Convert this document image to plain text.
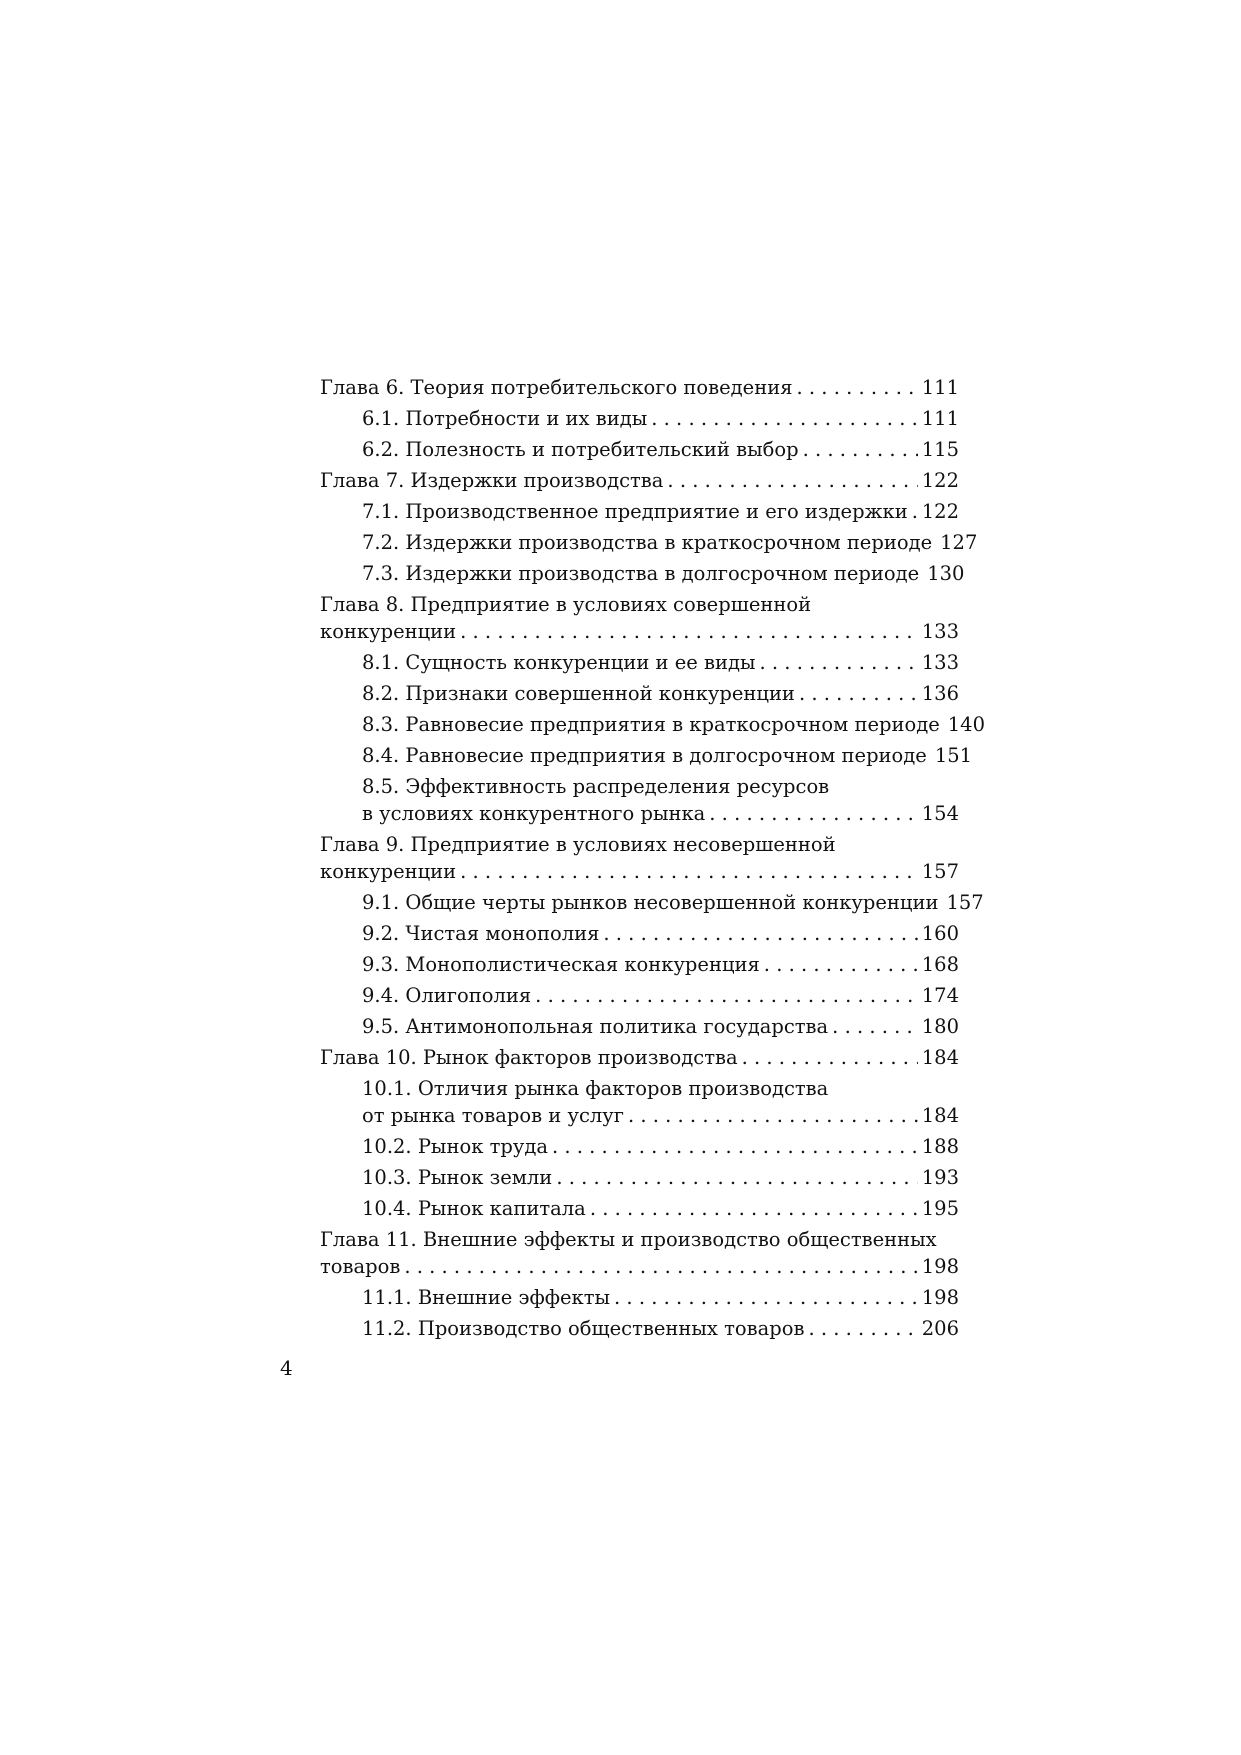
Глава 6. Теория потребительского поведения . . .	111
6.1. Потребности и их виды . . .	111
6.2. Полезность и потребительский выбор . . .	115
Глава 7. Издержки производства . . .	122
7.1. Производственное предприятие и его издержки . . . 122
7.2. Издержки производства в краткосрочном периоде 127
7.3. Издержки производства в долгосрочном периоде 130
Глава 8. Предприятие в условиях совершенной
конкуренции . . .	133
8.1. Сущность конкуренции и ее виды . . .	133
8.2. Признаки совершенной конкуренции . . .	136
8.3. Равновесие предприятия в краткосрочном периоде 140
8.4. Равновесие предприятия в долгосрочном периоде 151
8.5. Эффективность распределения ресурсов
в условиях конкурентного рынка . . .	154
Глава 9. Предприятие в условиях несовершенной
конкуренции . . .	157
9.1. Общие черты рынков несовершенной конкуренции 157
9.2. Чистая монополия . . .	160
9.3. Монополистическая конкуренция . . .	168
9.4. Олигополия . . .	174
9.5. Антимонопольная политика государства . . .	180
Глава 10. Рынок факторов производства . . .	184
10.1. Отличия рынка факторов производства
от рынка товаров и услуг . . .	184
10.2. Рынок труда . . .	188
10.3. Рынок земли . . .	193
10.4. Рынок капитала . . .	195
Глава 11. Внешние эффекты и производство общественных
товаров . . .	198
11.1. Внешние эффекты . . .	198
11.2. Производство общественных товаров . . .	206
4
